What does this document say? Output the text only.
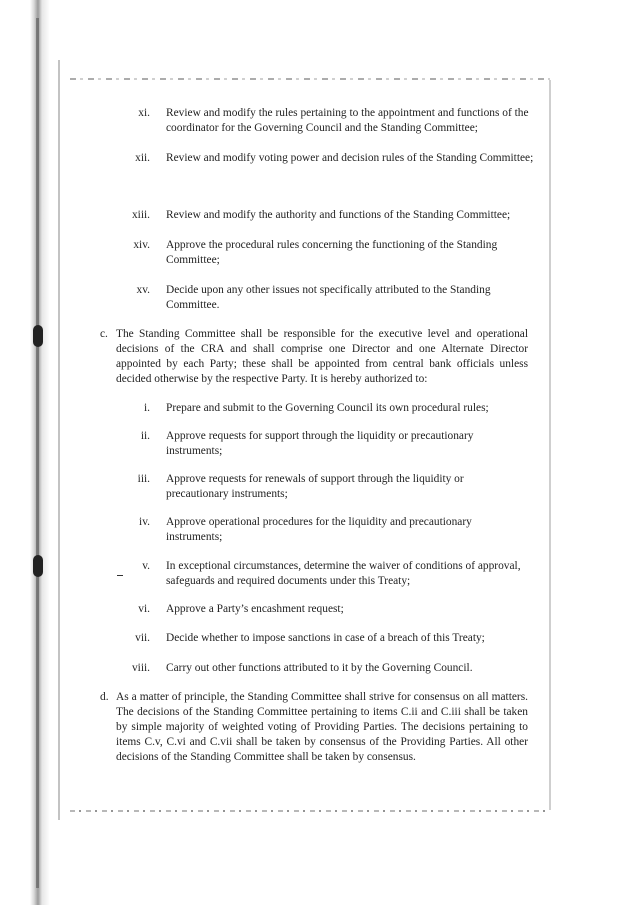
xi. Review and modify the rules pertaining to the appointment and functions of the coordinator for the Governing Council and the Standing Committee;
xii. Review and modify voting power and decision rules of the Standing Committee;
xiii. Review and modify the authority and functions of the Standing Committee;
xiv. Approve the procedural rules concerning the functioning of the Standing Committee;
xv. Decide upon any other issues not specifically attributed to the Standing Committee.
c. The Standing Committee shall be responsible for the executive level and operational decisions of the CRA and shall comprise one Director and one Alternate Director appointed by each Party; these shall be appointed from central bank officials unless decided otherwise by the respective Party. It is hereby authorized to:
i. Prepare and submit to the Governing Council its own procedural rules;
ii. Approve requests for support through the liquidity or precautionary instruments;
iii. Approve requests for renewals of support through the liquidity or precautionary instruments;
iv. Approve operational procedures for the liquidity and precautionary instruments;
v. In exceptional circumstances, determine the waiver of conditions of approval, safeguards and required documents under this Treaty;
vi. Approve a Party’s encashment request;
vii. Decide whether to impose sanctions in case of a breach of this Treaty;
viii. Carry out other functions attributed to it by the Governing Council.
d. As a matter of principle, the Standing Committee shall strive for consensus on all matters. The decisions of the Standing Committee pertaining to items C.ii and C.iii shall be taken by simple majority of weighted voting of Providing Parties. The decisions pertaining to items C.v, C.vi and C.vii shall be taken by consensus of the Providing Parties. All other decisions of the Standing Committee shall be taken by consensus.
